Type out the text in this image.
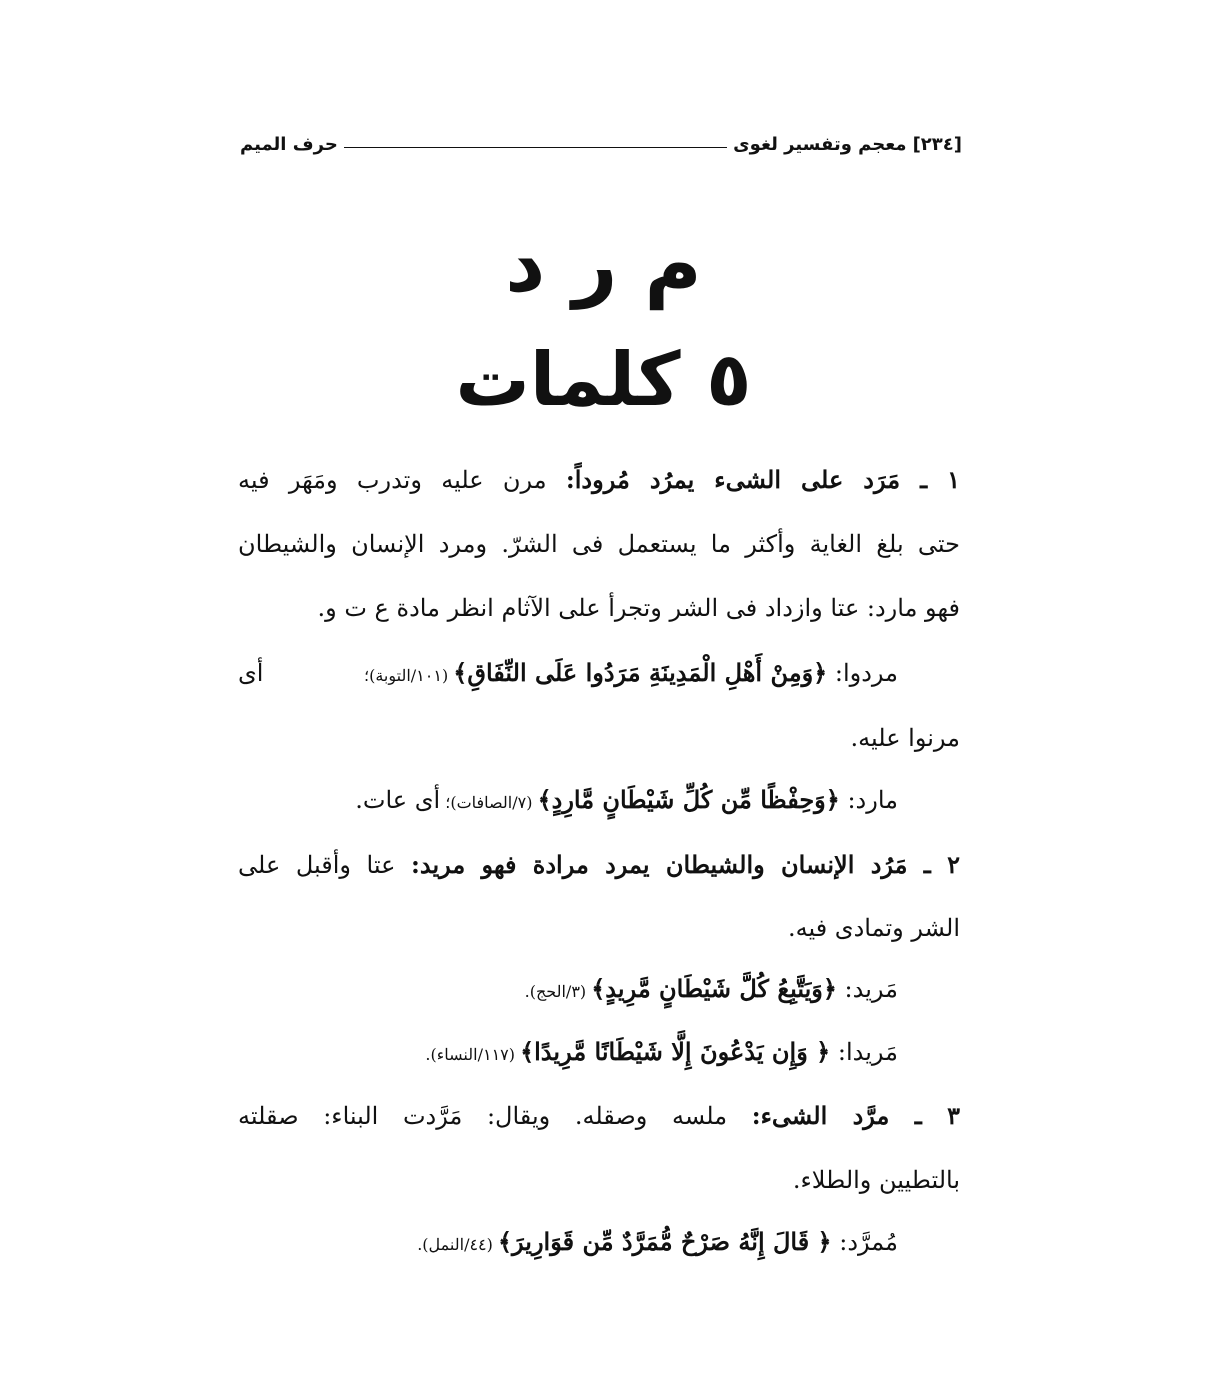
[٢٣٤]
معجم وتفسير لغوى
حرف الميم
م ر د
٥ كلمات
١ ـ مَرَد على الشىء يمرُد مُروداً: مرن عليه وتدرب ومَهَر فيه
حتى بلغ الغاية وأكثر ما يستعمل فى الشرّ. ومرد الإنسان والشيطان
فهو مارد: عتا وازداد فى الشر وتجرأ على الآثام انظر مادة ع ت و.
مردوا: ﴿وَمِنْ أَهْلِ الْمَدِينَةِ مَرَدُوا عَلَى النِّفَاقِ﴾ (١٠١/التوبة)؛
أى
مرنوا عليه.
مارد: ﴿وَحِفْظًا مِّن كُلِّ شَيْطَانٍ مَّارِدٍ﴾ (٧/الصافات)؛ أى عات.
٢ ـ مَرُد الإنسان والشيطان يمرد مرادة فهو مريد: عتا وأقبل على
الشر وتمادى فيه.
مَريد: ﴿وَيَتَّبِعُ كُلَّ شَيْطَانٍ مَّرِيدٍ﴾ (٣/الحج).
مَريدا: ﴿ وَإِن يَدْعُونَ إِلَّا شَيْطَانًا مَّرِيدًا﴾ (١١٧/النساء).
٣ ـ مرَّد الشىء: ملسه وصقله. ويقال: مَرَّدت البناء: صقلته
بالتطيين والطلاء.
مُمرَّد: ﴿ قَالَ إِنَّهُ صَرْحٌ مُّمَرَّدٌ مِّن قَوَارِيرَ﴾ (٤٤/النمل).
